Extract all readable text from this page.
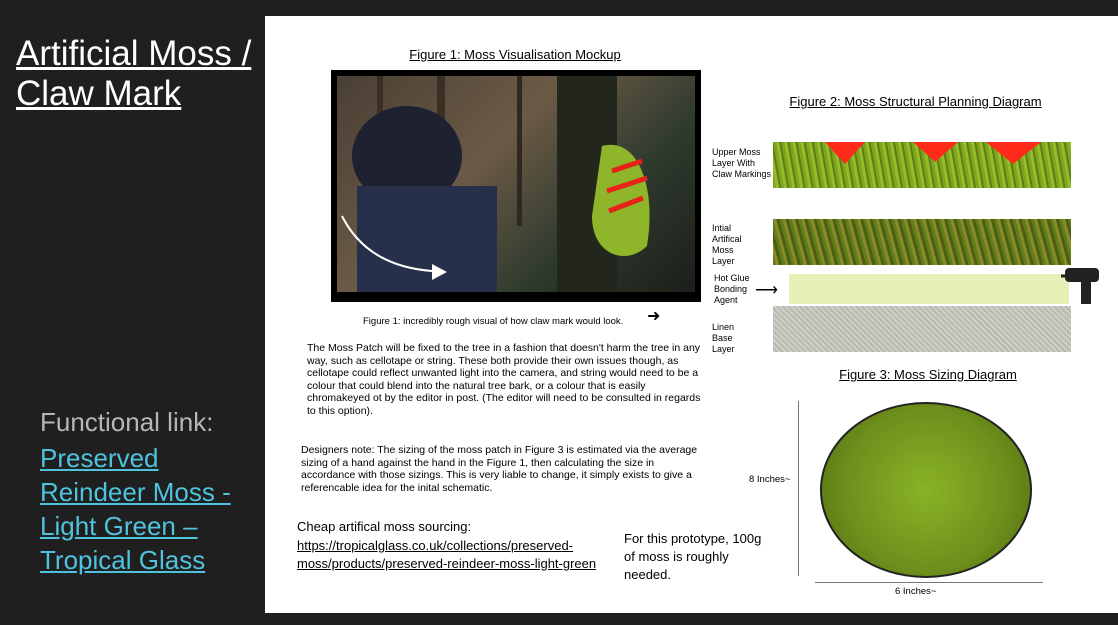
Artificial Moss / Claw Mark
Functional link:
Preserved Reindeer Moss - Light Green – Tropical Glass
Figure 1: Moss Visualisation Mockup
Figure 1: incredibly rough visual of how claw mark would look. ➜
The Moss Patch will be fixed to the tree in a fashion that doesn't harm the tree in any way, such as cellotape or string. These both provide their own issues though, as cellotape could reflect unwanted light into the camera, and string would need to be a colour that could blend into the natural tree bark, or a colour that is easily chromakeyed ot by the editor in post. (The editor will need to be consulted in regards to this option).
Designers note: The sizing of the moss patch in Figure 3 is estimated via the average sizing of a hand against the hand in the Figure 1, then calculating the size in accordance with those sizings. This is very liable to change, it simply exists to give a referencable idea for the inital schematic.
Cheap artifical moss sourcing:
https://tropicalglass.co.uk/collections/preserved-moss/products/preserved-reindeer-moss-light-green
For this prototype, 100g of moss is roughly needed.
Figure 2: Moss Structural Planning Diagram
Upper Moss Layer With Claw Markings
Intial Artifical Moss Layer
Hot Glue Bonding Agent
⟶
Linen Base Layer
Figure 3: Moss Sizing Diagram
8 Inches~
6 Inches~
